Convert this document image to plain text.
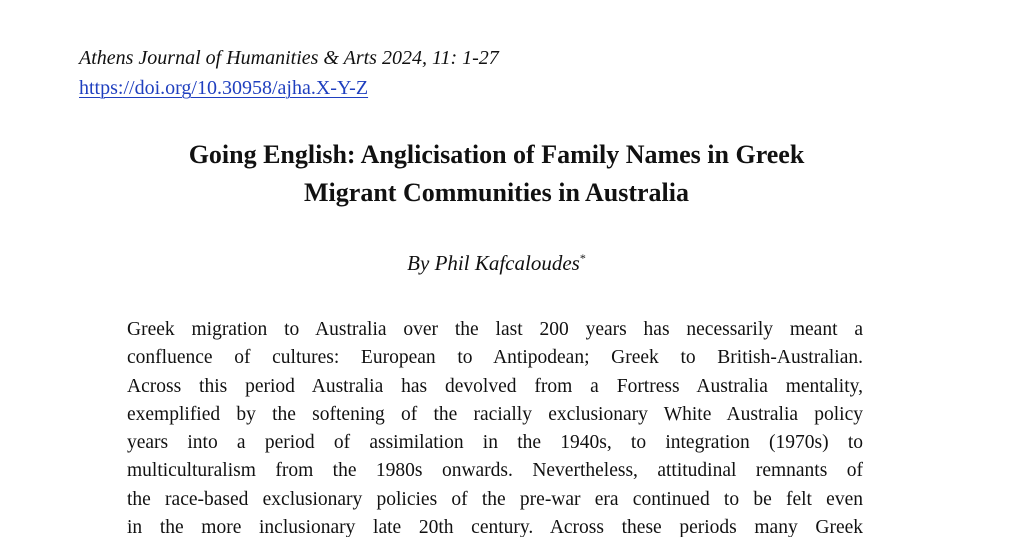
Athens Journal of Humanities & Arts 2024, 11: 1-27
https://doi.org/10.30958/ajha.X-Y-Z
Going English: Anglicisation of Family Names in Greek
Migrant Communities in Australia
By Phil Kafcaloudes*
Greek migration to Australia over the last 200 years has necessarily meant a
confluence of cultures: European to Antipodean; Greek to British-Australian.
Across this period Australia has devolved from a Fortress Australia mentality,
exemplified by the softening of the racially exclusionary White Australia policy
years into a period of assimilation in the 1940s, to integration (1970s) to
multiculturalism from the 1980s onwards. Nevertheless, attitudinal remnants of
the race-based exclusionary policies of the pre-war era continued to be felt even
in the more inclusionary late 20th century. Across these periods many Greek
